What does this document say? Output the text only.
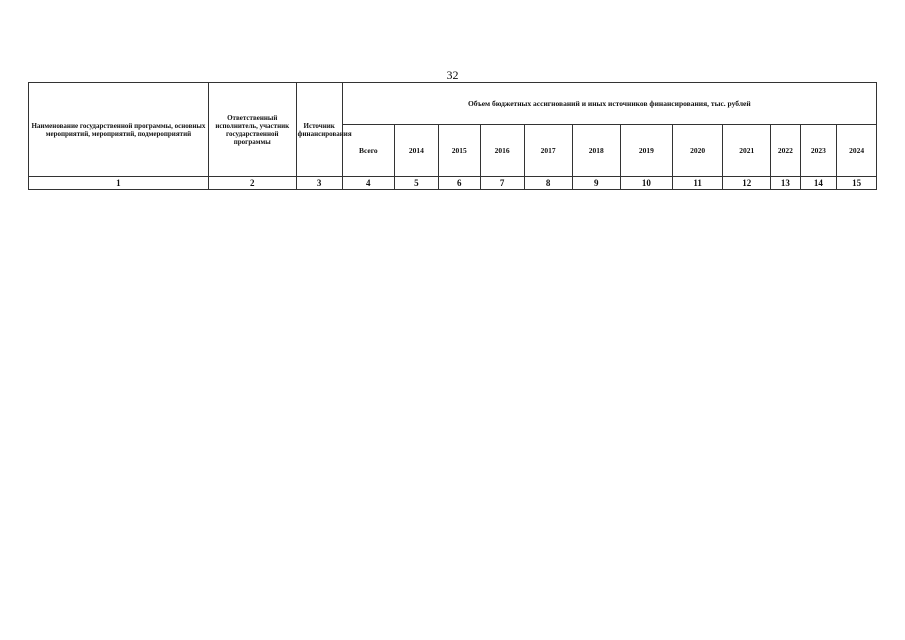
32
Наименование государственной программы, основных мероприятий, мероприятий, подмероприятий	Ответственный исполнитель, участник государственной программы	Источник финансирования	Объем бюджетных ассигнований и иных источников финансирования, тыс. рублей											
			Всего	2014	2015	2016	2017	2018	2019	2020	2021	2022	2023	2024
1	2	3	4	5	6	7	8	9	10	11	12	13	14	15
